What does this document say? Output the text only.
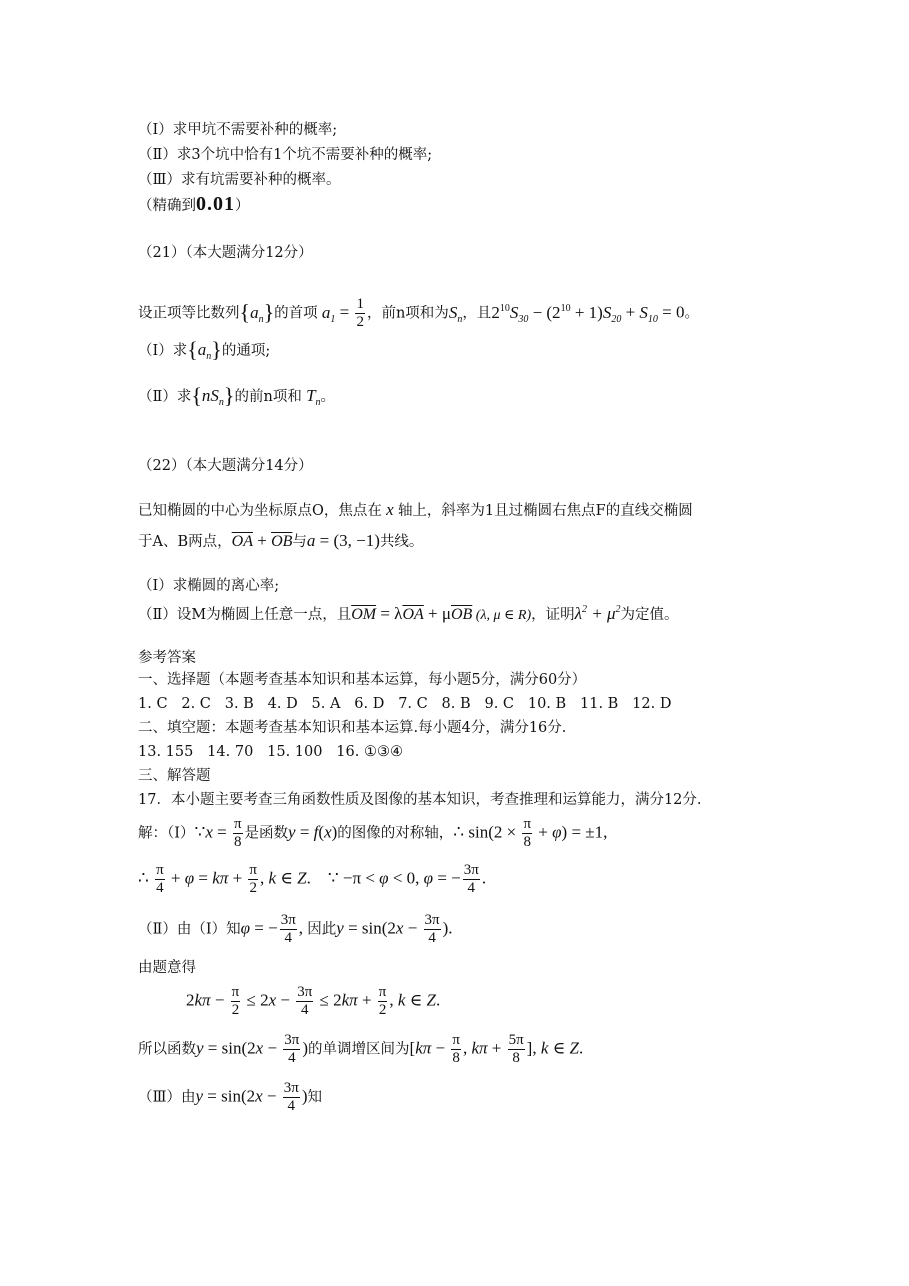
（Ⅰ）求甲坑不需要补种的概率;
（Ⅱ）求3个坑中恰有1个坑不需要补种的概率;
（Ⅲ）求有坑需要补种的概率。
（精确到0.01）
（21）（本大题满分12分）
设正项等比数列$\{a_n\}$的首项 $a_1 = \frac{1}{2}$ ，前n项和为$S_n$，且$2^{10}S_{30} - (2^{10} + 1)S_{20} + S_{10} = 0$。
（Ⅰ）求$\{a_n\}$的通项;
（Ⅱ）求$\{nS_n\}$的前n项和 $T_n$。
（22）（本大题满分14分）
已知椭圆的中心为坐标原点O，焦点在 x 轴上，斜率为1且过椭圆右焦点F的直线交椭圆
于A、B两点，$\overline{OA} + \overline{OB}$与a = (3, −1)共线。
（Ⅰ）求椭圆的离心率;
（Ⅱ）设M为椭圆上任意一点，且$\overline{OM} = \lambda\overline{OA} + \mu\overline{OB}$ (λ, μ ∈ R)，证明$\lambda^2 + \mu^2$为定值。
参考答案
一、选择题（本题考查基本知识和基本运算，每小题5分，满分60分）
1. C   2. C   3. B   4. D   5. A   6. D   7. C   8. B   9. C   10. B   11. B   12. D
二、填空题：本题考查基本知识和基本运算.每小题4分，满分16分.
13. 155   14. 70   15. 100   16. ①③④
三、解答题
17．本小题主要考查三角函数性质及图像的基本知识，考查推理和运算能力，满分12分.
解：（Ⅰ）∵x = $\frac{\pi}{8}$ 是函数y = f(x)的图像的对称轴，∴ $\sin(2 \times \frac{\pi}{8} + \varphi) = \pm 1$,
∴ $\frac{\pi}{4} + \varphi = k\pi + \frac{\pi}{2}$ , k ∈ Z.    ∵ −π < φ < 0, φ = − $\frac{3\pi}{4}$ .
（Ⅱ）由（Ⅰ）知φ = − $\frac{3\pi}{4}$ , 因此$y = \sin(2x - \frac{3\pi}{4}$ ).
由题意得
$2k\pi - \frac{\pi}{2} \le 2x - \frac{3\pi}{4} \le 2k\pi + \frac{\pi}{2}$ , k ∈ Z.
所以函数$y = \sin(2x - \frac{3\pi}{4}$ )的单调增区间为[$k\pi - \frac{\pi}{8}$ , $k\pi + \frac{5\pi}{8}$ ], k ∈ Z.
（Ⅲ）由$y = \sin(2x - \frac{3\pi}{4}$ )知
